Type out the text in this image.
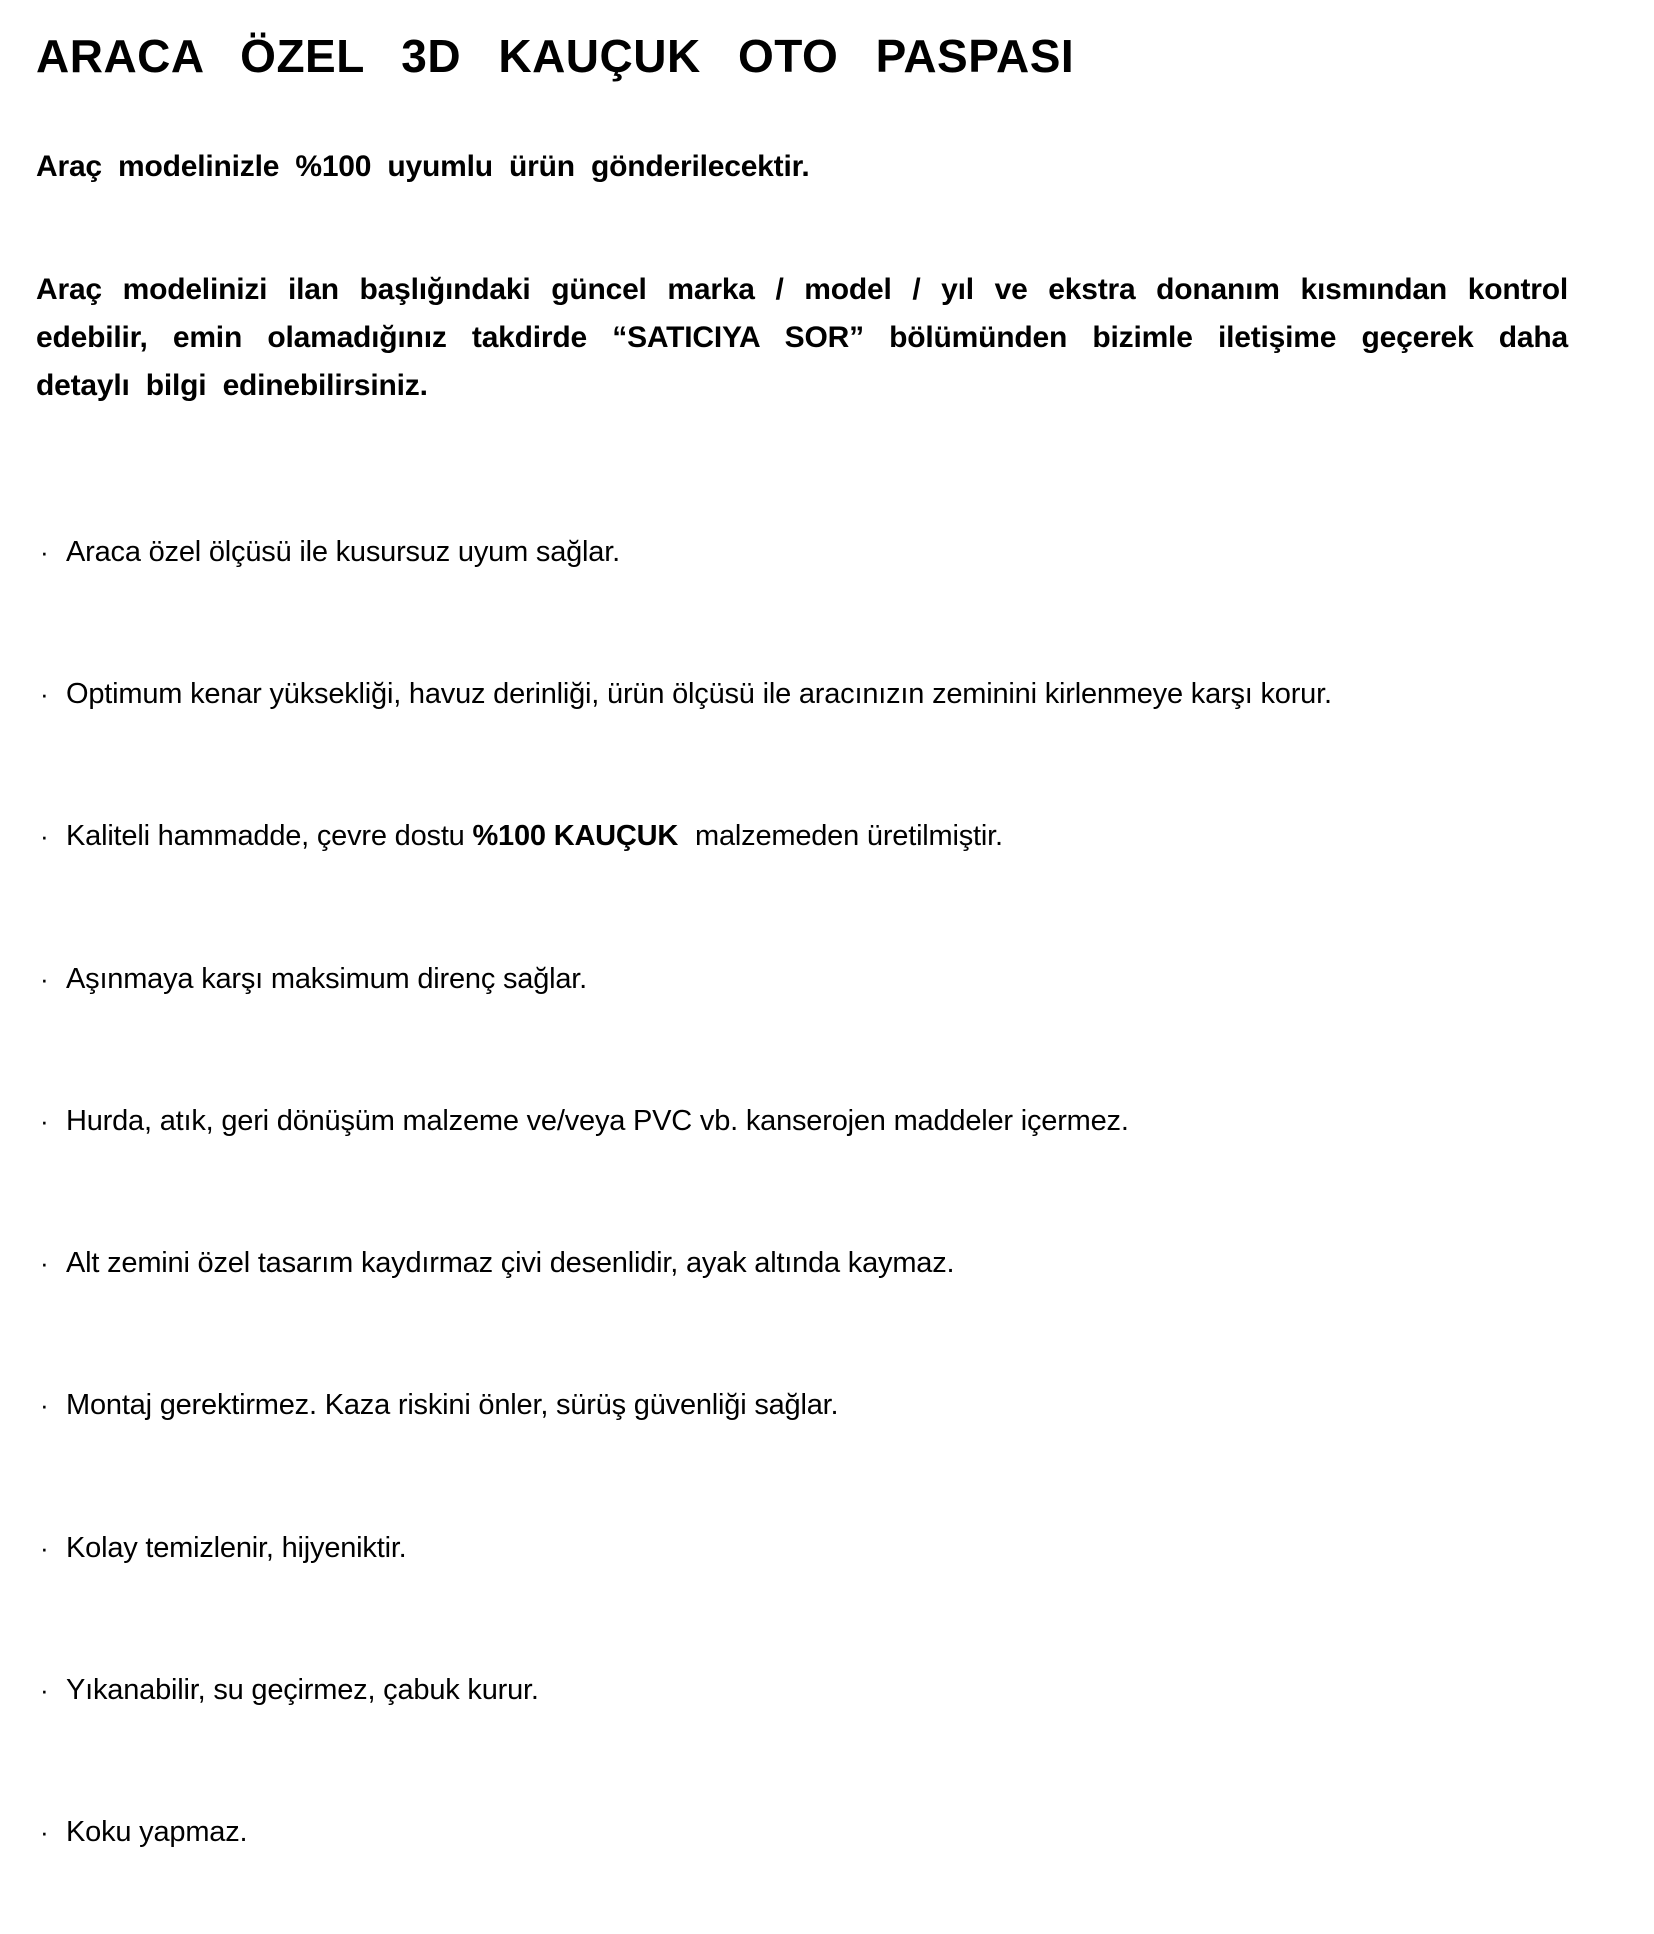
ARACA ÖZEL 3D KAUÇUK OTO PASPASI

Araç modelinizle %100 uyumlu ürün gönderilecektir.

Araç modelinizi ilan başlığındaki güncel marka / model / yıl ve ekstra donanım kısmından kontrol edebilir, emin olamadığınız takdirde “SATICIYA SOR” bölümünden bizimle iletişime geçerek daha detaylı bilgi edinebilirsiniz.

· Araca özel ölçüsü ile kusursuz uyum sağlar.
· Optimum kenar yüksekliği, havuz derinliği, ürün ölçüsü ile aracınızın zeminini kirlenmeye karşı korur.
· Kaliteli hammadde, çevre dostu %100 KAUÇUK malzemeden üretilmiştir.
· Aşınmaya karşı maksimum direnç sağlar.
· Hurda, atık, geri dönüşüm malzeme ve/veya PVC vb. kanserojen maddeler içermez.
· Alt zemini özel tasarım kaydırmaz çivi desenlidir, ayak altında kaymaz.
· Montaj gerektirmez. Kaza riskini önler, sürüş güvenliği sağlar.
· Kolay temizlenir, hijyeniktir.
· Yıkanabilir, su geçirmez, çabuk kurur.
· Koku yapmaz.
